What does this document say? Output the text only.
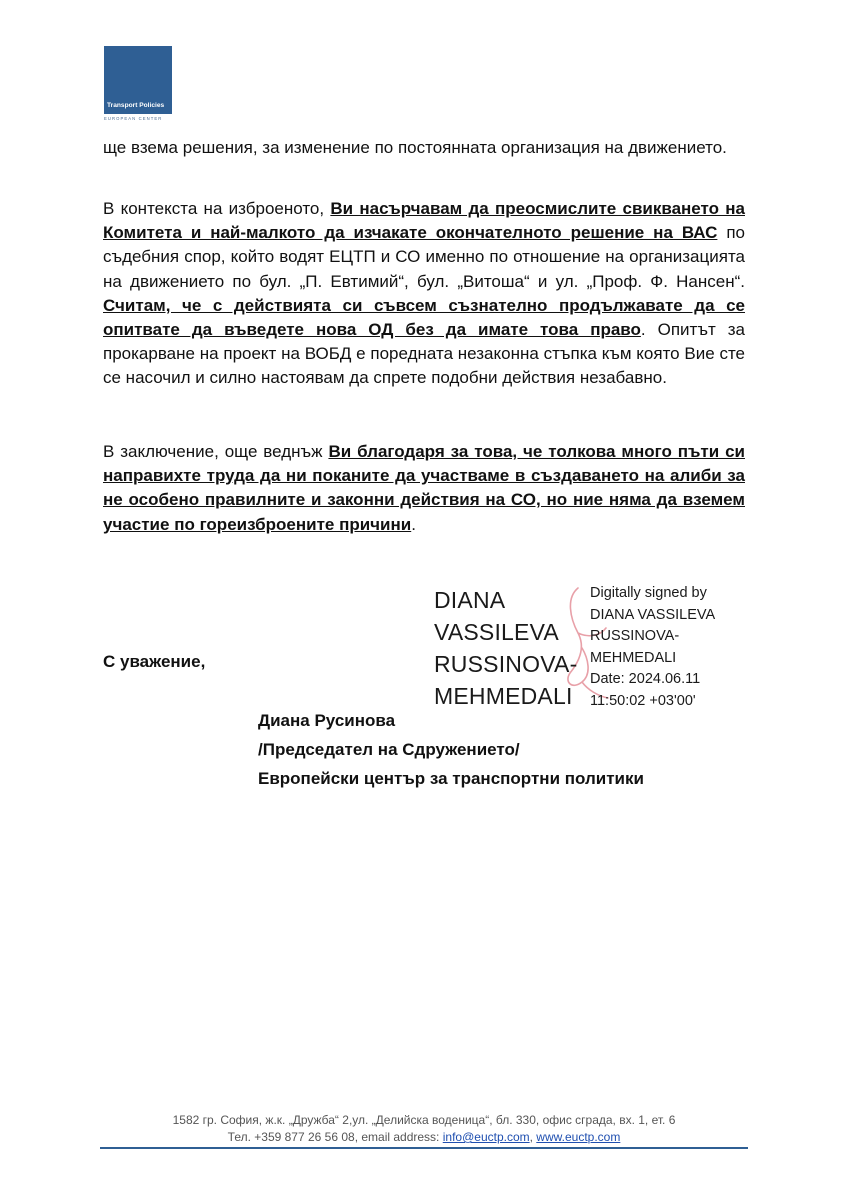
Transport Policies
EUROPEAN CENTER

ще взема решения, за изменение по постоянната организация на движението.

В контекста на изброеното, Ви насърчавам да преосмислите свикването на Комитета и най-малкото да изчакате окончателното решение на ВАС по съдебния спор, който водят ЕЦТП и СО именно по отношение на организацията на движението по бул. „П. Евтимий“, бул. „Витоша“ и ул. „Проф. Ф. Нансен“. Считам, че с действията си съвсем съзнателно продължавате да се опитвате да въведете нова ОД без да имате това право. Опитът за прокарване на проект на ВОБД е поредната незаконна стъпка към която Вие сте се насочил и силно настоявам да спрете подобни действия незабавно.

В заключение, още веднъж Ви благодаря за това, че толкова много пъти си направихте труда да ни поканите да участваме в създаването на алиби за не особено правилните и законни действия на СО, но ние няма да вземем участие по гореизброените причини.

DIANA
VASSILEVA
RUSSINOVA-
MEHMEDALI
Digitally signed by
DIANA VASSILEVA
RUSSINOVA-
MEHMEDALI
Date: 2024.06.11
11:50:02 +03'00'
С уважение,
Диана Русинова
/Председател на Сдружението/
Европейски център за транспортни политики
1582 гр. София, ж.к. „Дружба“ 2,ул. „Делийска воденица“, бл. 330, офис сграда, вх. 1, ет. 6
Тел. +359 877 26 56 08, email address: info@euctp.com, www.euctp.com
